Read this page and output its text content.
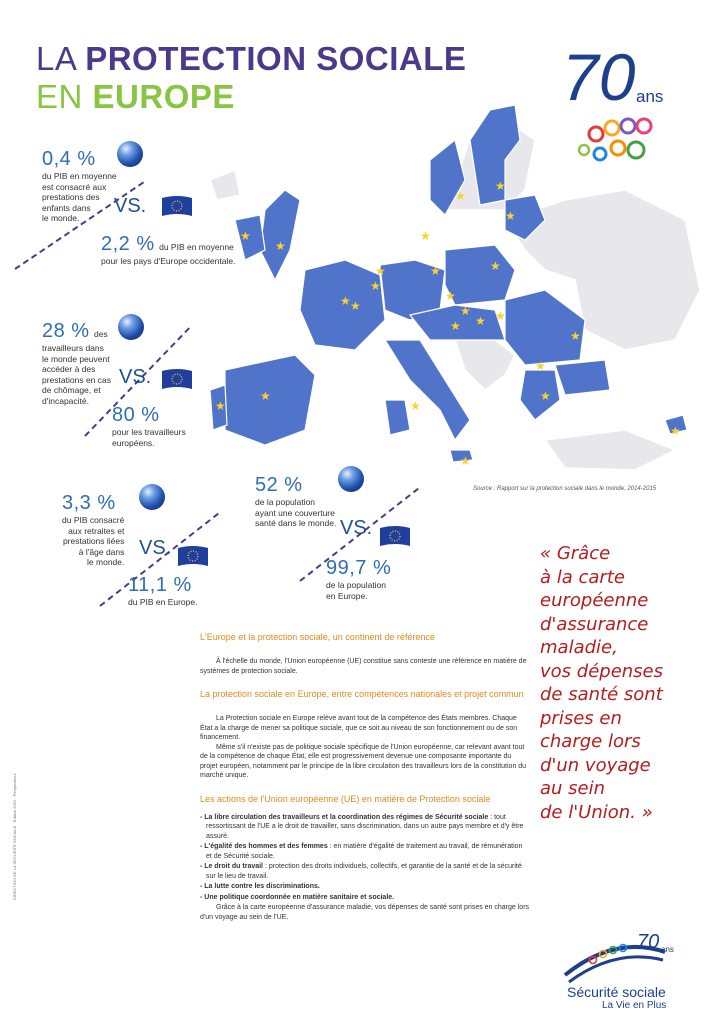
LA PROTECTION SOCIALE
EN EUROPE	70 ans
★
★
★
★
★
★
★
★
★
★
★	★
★
★
★
★
★
★
★
★
★	★
★
★
★
Source : Rapport sur la protection sociale dans le monde, 2014-2015
0,4 %
du PIB en moyenne
est consacré aux
prestations des
enfants dans
le monde.
VS.
2,2 % du PIB en moyenne
pour les pays d'Europe occidentale.
28 % des
travailleurs dans
le monde peuvent
accéder à des
prestations en cas
de chômage, et
d'incapacité.
VS.
80 %
pour les travailleurs
européens.
3,3 %
du PIB consacré
aux retraites et
prestations liées
à l'âge dans
le monde.
VS.
11,1 %
du PIB en Europe.
52 %
de la population
ayant une couverture
santé dans le monde. VS.
99,7 %
de la population
en Europe.
« Grâce
à la carte
européenne
d'assurance
maladie,
vos dépenses
de santé sont
prises en
charge lors
d'un voyage
au sein
de l'Union. »
L'Europe et la protection sociale, un continent de référence

À l'échelle du monde, l'Union européenne (UE) constitue sans conteste une référence en matière de systèmes de protection sociale.

La protection sociale en Europe, entre compétences nationales et projet commun

La Protection sociale en Europe relève avant tout de la compétence des États membres. Chaque État a la charge de mener sa politique sociale, que ce soit au niveau de son fonctionnement ou de son financement.

Même s'il n'existe pas de politique sociale spécifique de l'Union européenne, car relevant avant tout de la compétence de chaque État, elle est progressivement devenue une composante importante du projet européen, notamment par le principe de la libre circulation des travailleurs lors de la constitution du marché unique.

Les actions de l'Union européenne (UE) en matière de Protection sociale
- La libre circulation des travailleurs et la coordination des régimes de Sécurité sociale : tout ressortissant de l'UE a le droit de travailler, sans discrimination, dans un autre pays membre et d'y être assuré.
- L'égalité des hommes et des femmes : en matière d'égalité de traitement au travail, de rémunération et de Sécurité sociale.
- Le droit du travail : protection des droits individuels, collectifs, et garantie de la santé et de la sécurité sur le lieu de travail.
- La lutte contre les discriminations.
- Une politique coordonnée en matière sanitaire et sociale.

Grâce à la carte européenne d'assurance maladie, vos dépenses de santé sont prises en charge lors d'un voyage au sein de l'UE.

DIRECTION DE LA SÉCURITÉ SOCIALE · Édition 2015 · Perspectives
70 ans
Sécurité sociale
La Vie en Plus
